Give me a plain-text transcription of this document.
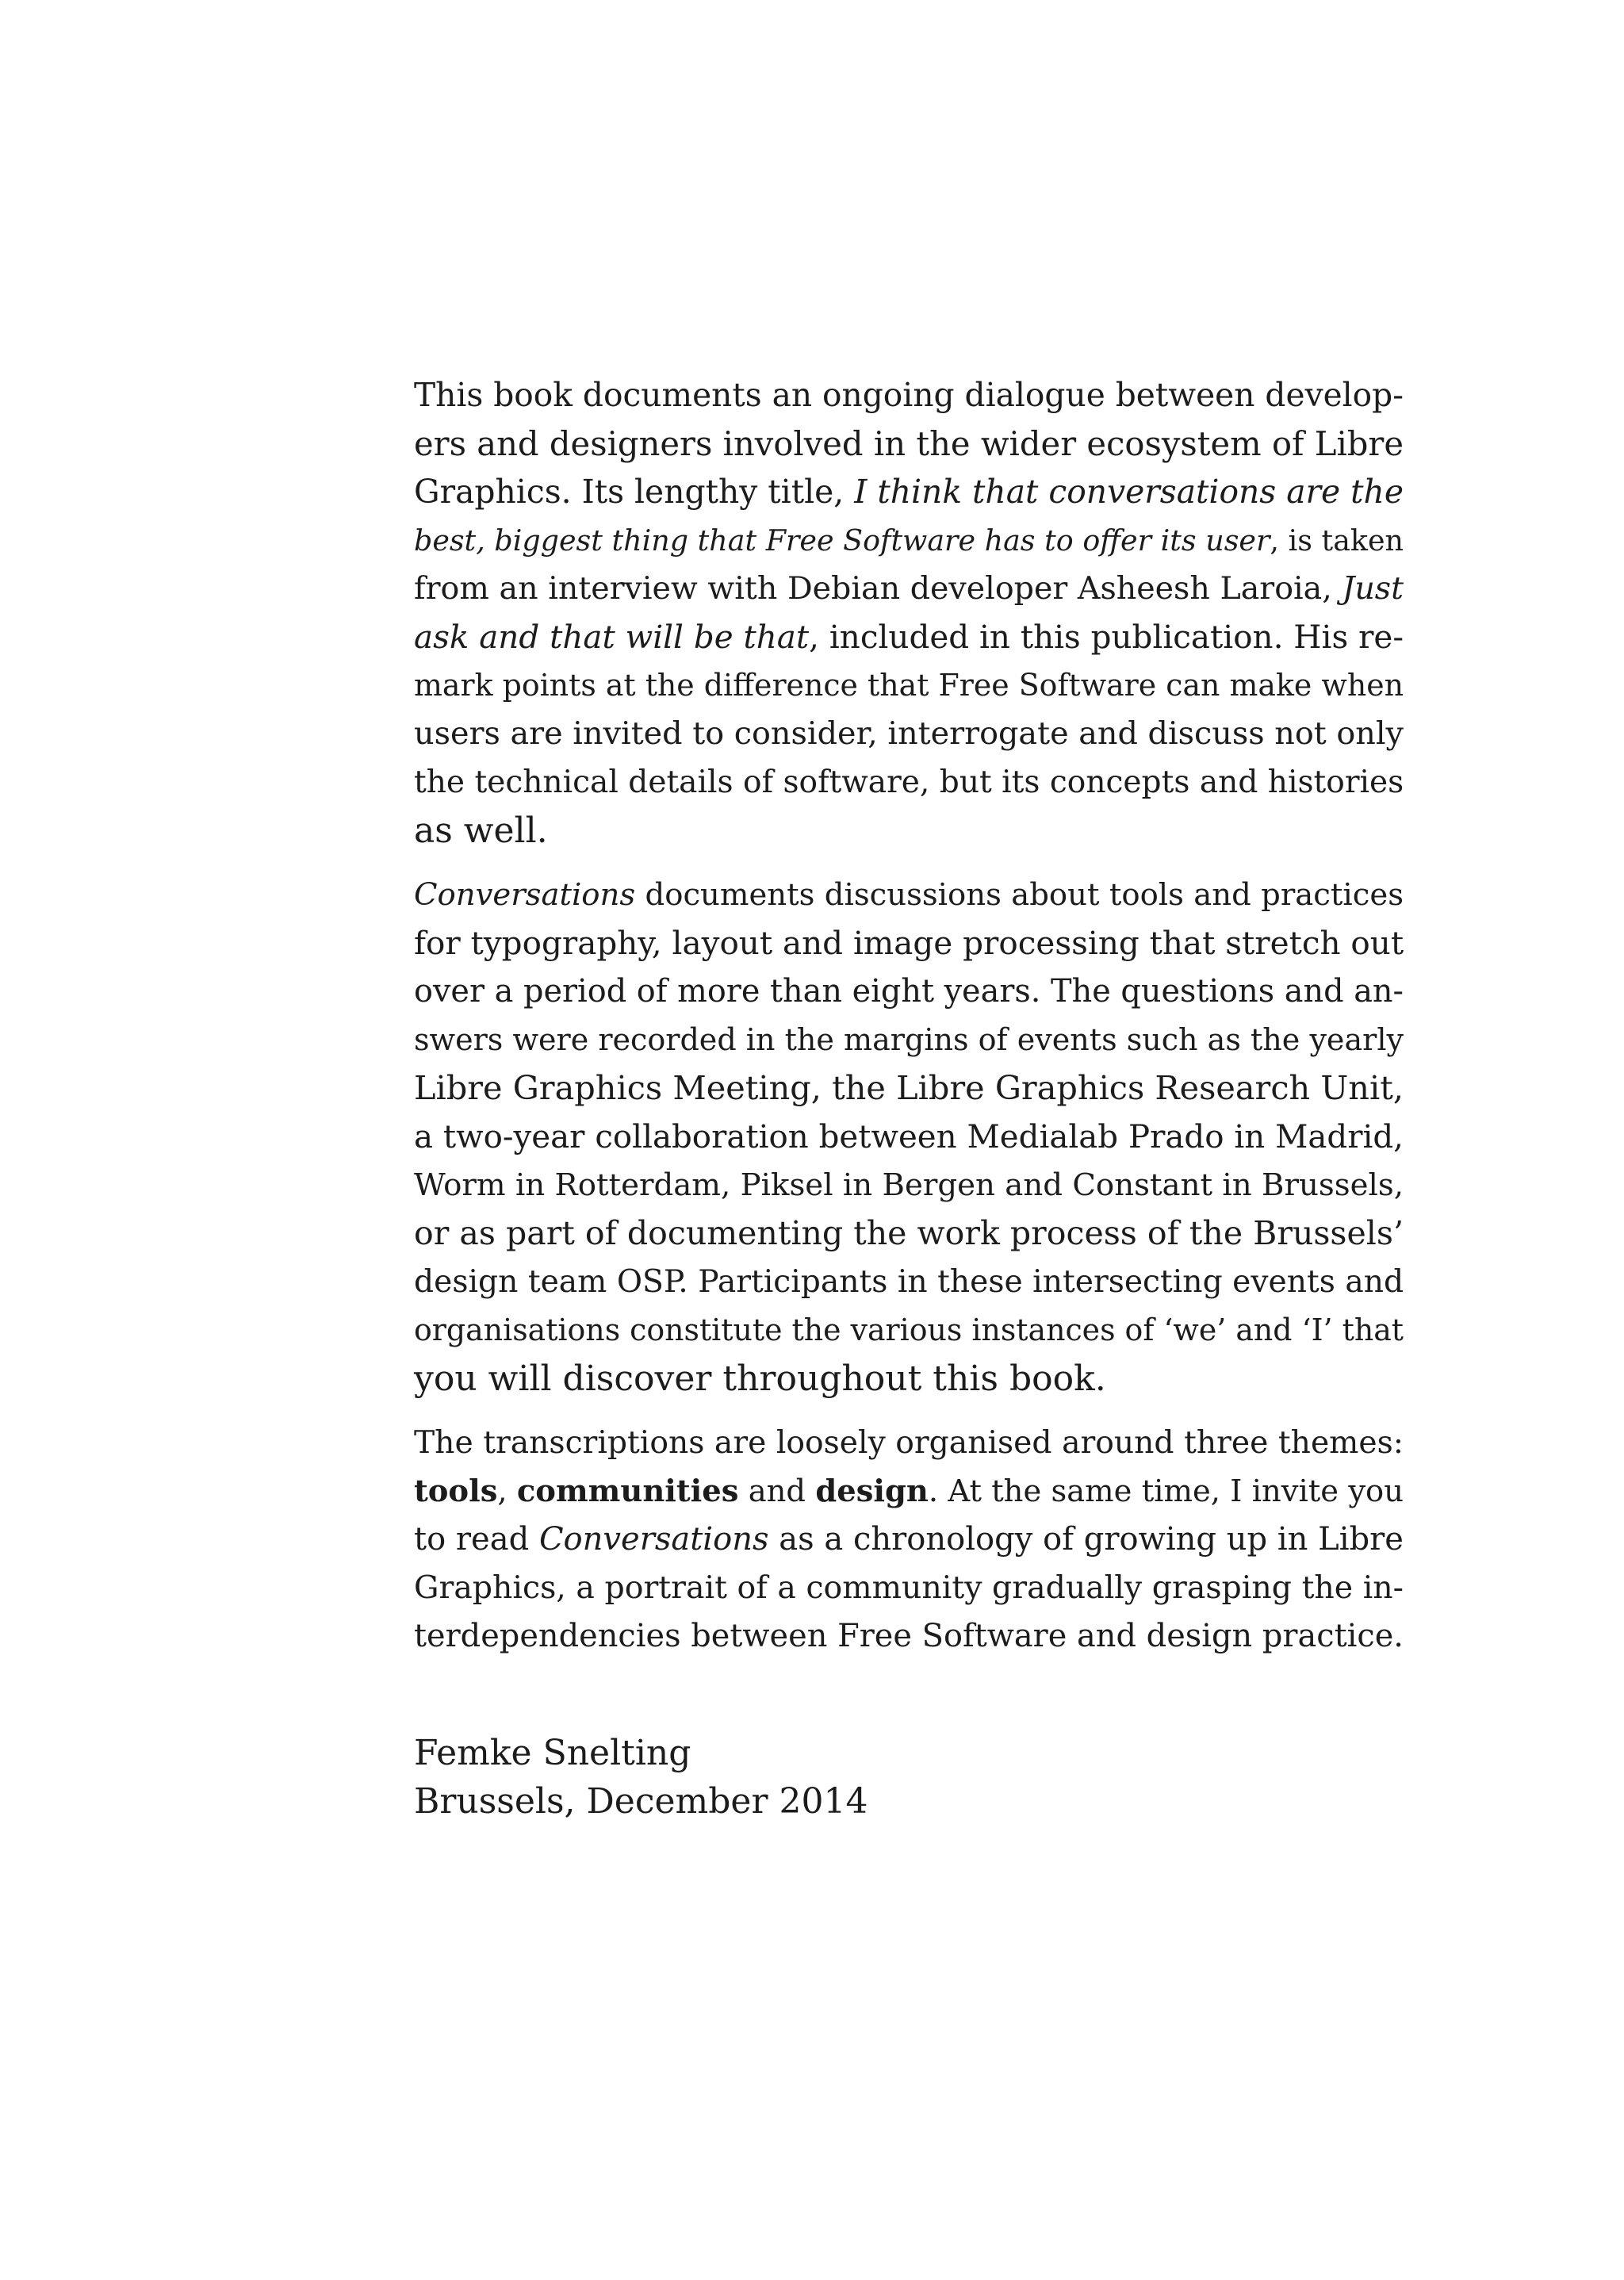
This book documents an ongoing dialogue between develop-
ers and designers involved in the wider ecosystem of Libre
Graphics. Its lengthy title, I think that conversations are the
best, biggest thing that Free Software has to offer its user, is taken
from an interview with Debian developer Asheesh Laroia, Just
ask and that will be that, included in this publication. His re-
mark points at the difference that Free Software can make when
users are invited to consider, interrogate and discuss not only
the technical details of software, but its concepts and histories
as well.

Conversations documents discussions about tools and practices
for typography, layout and image processing that stretch out
over a period of more than eight years. The questions and an-
swers were recorded in the margins of events such as the yearly
Libre Graphics Meeting, the Libre Graphics Research Unit,
a two-year collaboration between Medialab Prado in Madrid,
Worm in Rotterdam, Piksel in Bergen and Constant in Brussels,
or as part of documenting the work process of the Brussels’
design team OSP. Participants in these intersecting events and
organisations constitute the various instances of ‘we’ and ‘I’ that
you will discover throughout this book.

The transcriptions are loosely organised around three themes:
tools, communities and design. At the same time, I invite you
to read Conversations as a chronology of growing up in Libre
Graphics, a portrait of a community gradually grasping the in-
terdependencies between Free Software and design practice.

Femke Snelting
Brussels, December 2014
